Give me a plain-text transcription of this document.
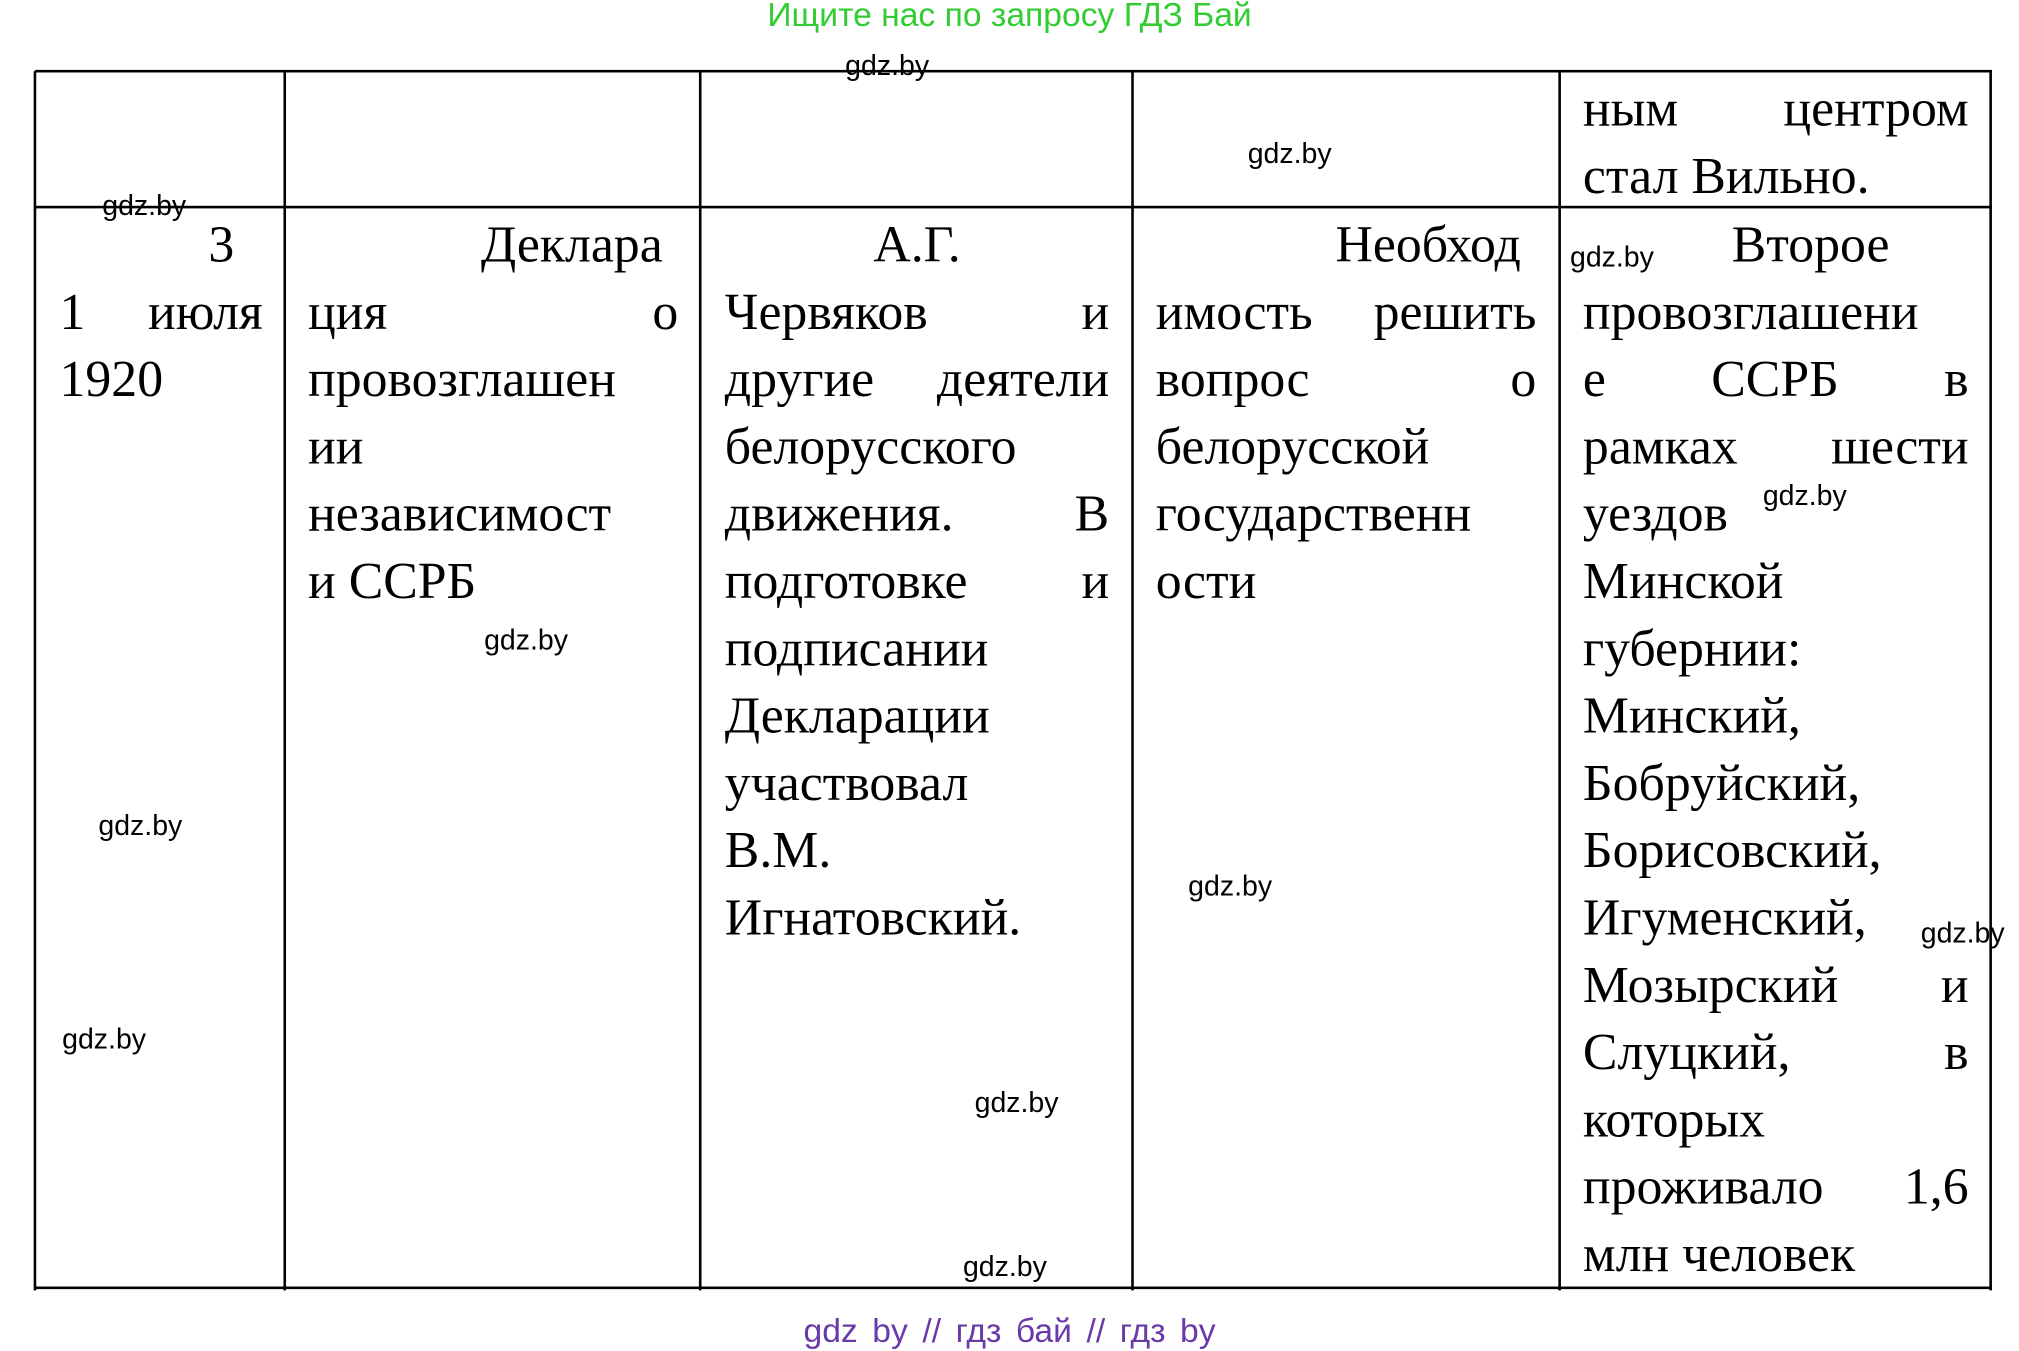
Ищите нас по запросу ГДЗ Бай
ным центром
стал Вильно.
3
1 июля
1920
Деклара
ция о
провозглашен
ии
независимост
и ССРБ
А.Г.
Червяков и
другие деятели
белорусского
движения. В
подготовке и
подписании
Декларации
участвовал
В.М.
Игнатовский.
Необход
имость решить
вопрос о
белорусской
государственн
ости
Второе
провозглашени
е ССРБ в
рамках шести
уездов
Минской
губернии:
Минский,
Бобруйский,
Борисовский,
Игуменский,
Мозырский и
Слуцкий, в
которых
проживало 1,6
млн человек
gdz.by
gdz.by
gdz.by
gdz.by
gdz.by
gdz.by
gdz.by
gdz.by
gdz.by
gdz.by
gdz.by
gdz.by
gdz by // гдз бай // гдз by
